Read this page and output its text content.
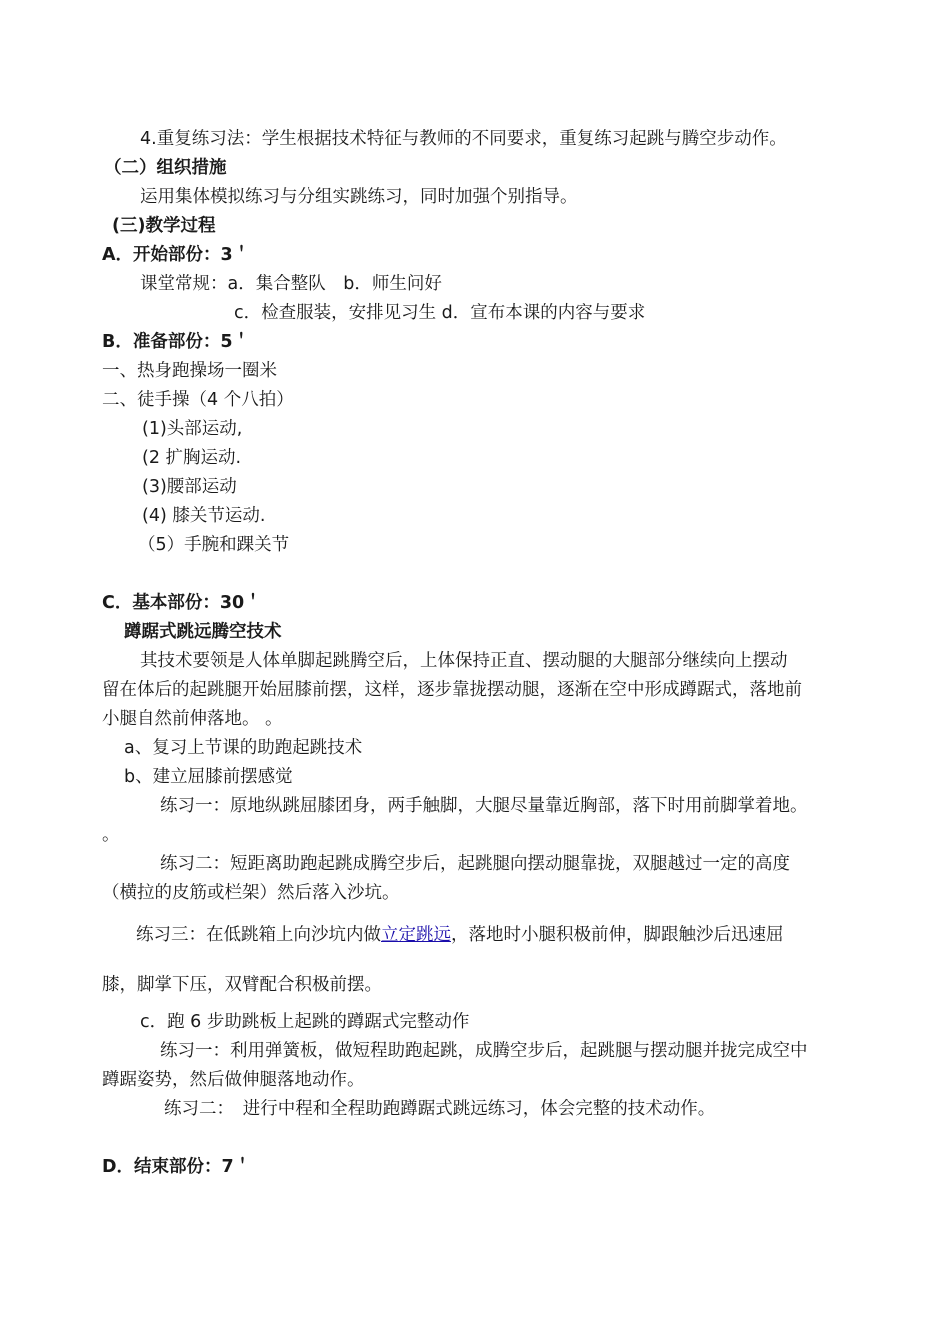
4.重复练习法：学生根据技术特征与教师的不同要求，重复练习起跳与腾空步动作。
（二）组织措施
运用集体模拟练习与分组实跳练习，同时加强个别指导。
(三)教学过程
A．开始部份：3＇
课堂常规：a．集合整队　b．师生问好
c．检查服装，安排见习生 d．宣布本课的内容与要求
B．准备部份：5＇
一、热身跑操场一圈米
二、徒手操（4 个八拍）
(1)头部运动,
(2 扩胸运动.
(3)腰部运动
(4) 膝关节运动.
（5）手腕和踝关节
C．基本部份：30＇
蹲踞式跳远腾空技术
其技术要领是人体单脚起跳腾空后，上体保持正直、摆动腿的大腿部分继续向上摆动
留在体后的起跳腿开始屈膝前摆，这样，逐步靠拢摆动腿，逐渐在空中形成蹲踞式，落地前
小腿自然前伸落地。 。
a、复习上节课的助跑起跳技术
b、建立屈膝前摆感觉
练习一：原地纵跳屈膝团身，两手触脚，大腿尽量靠近胸部，落下时用前脚掌着地。
。
练习二：短距离助跑起跳成腾空步后，起跳腿向摆动腿靠拢，双腿越过一定的高度
（横拉的皮筋或栏架）然后落入沙坑。
练习三：在低跳箱上向沙坑内做立定跳远，落地时小腿积极前伸，脚跟触沙后迅速屈
膝，脚掌下压，双臂配合积极前摆。
c．跑 6 步助跳板上起跳的蹲踞式完整动作
练习一：利用弹簧板，做短程助跑起跳，成腾空步后，起跳腿与摆动腿并拢完成空中
蹲踞姿势，然后做伸腿落地动作。
练习二：　进行中程和全程助跑蹲踞式跳远练习，体会完整的技术动作。
D．结束部份：7＇
